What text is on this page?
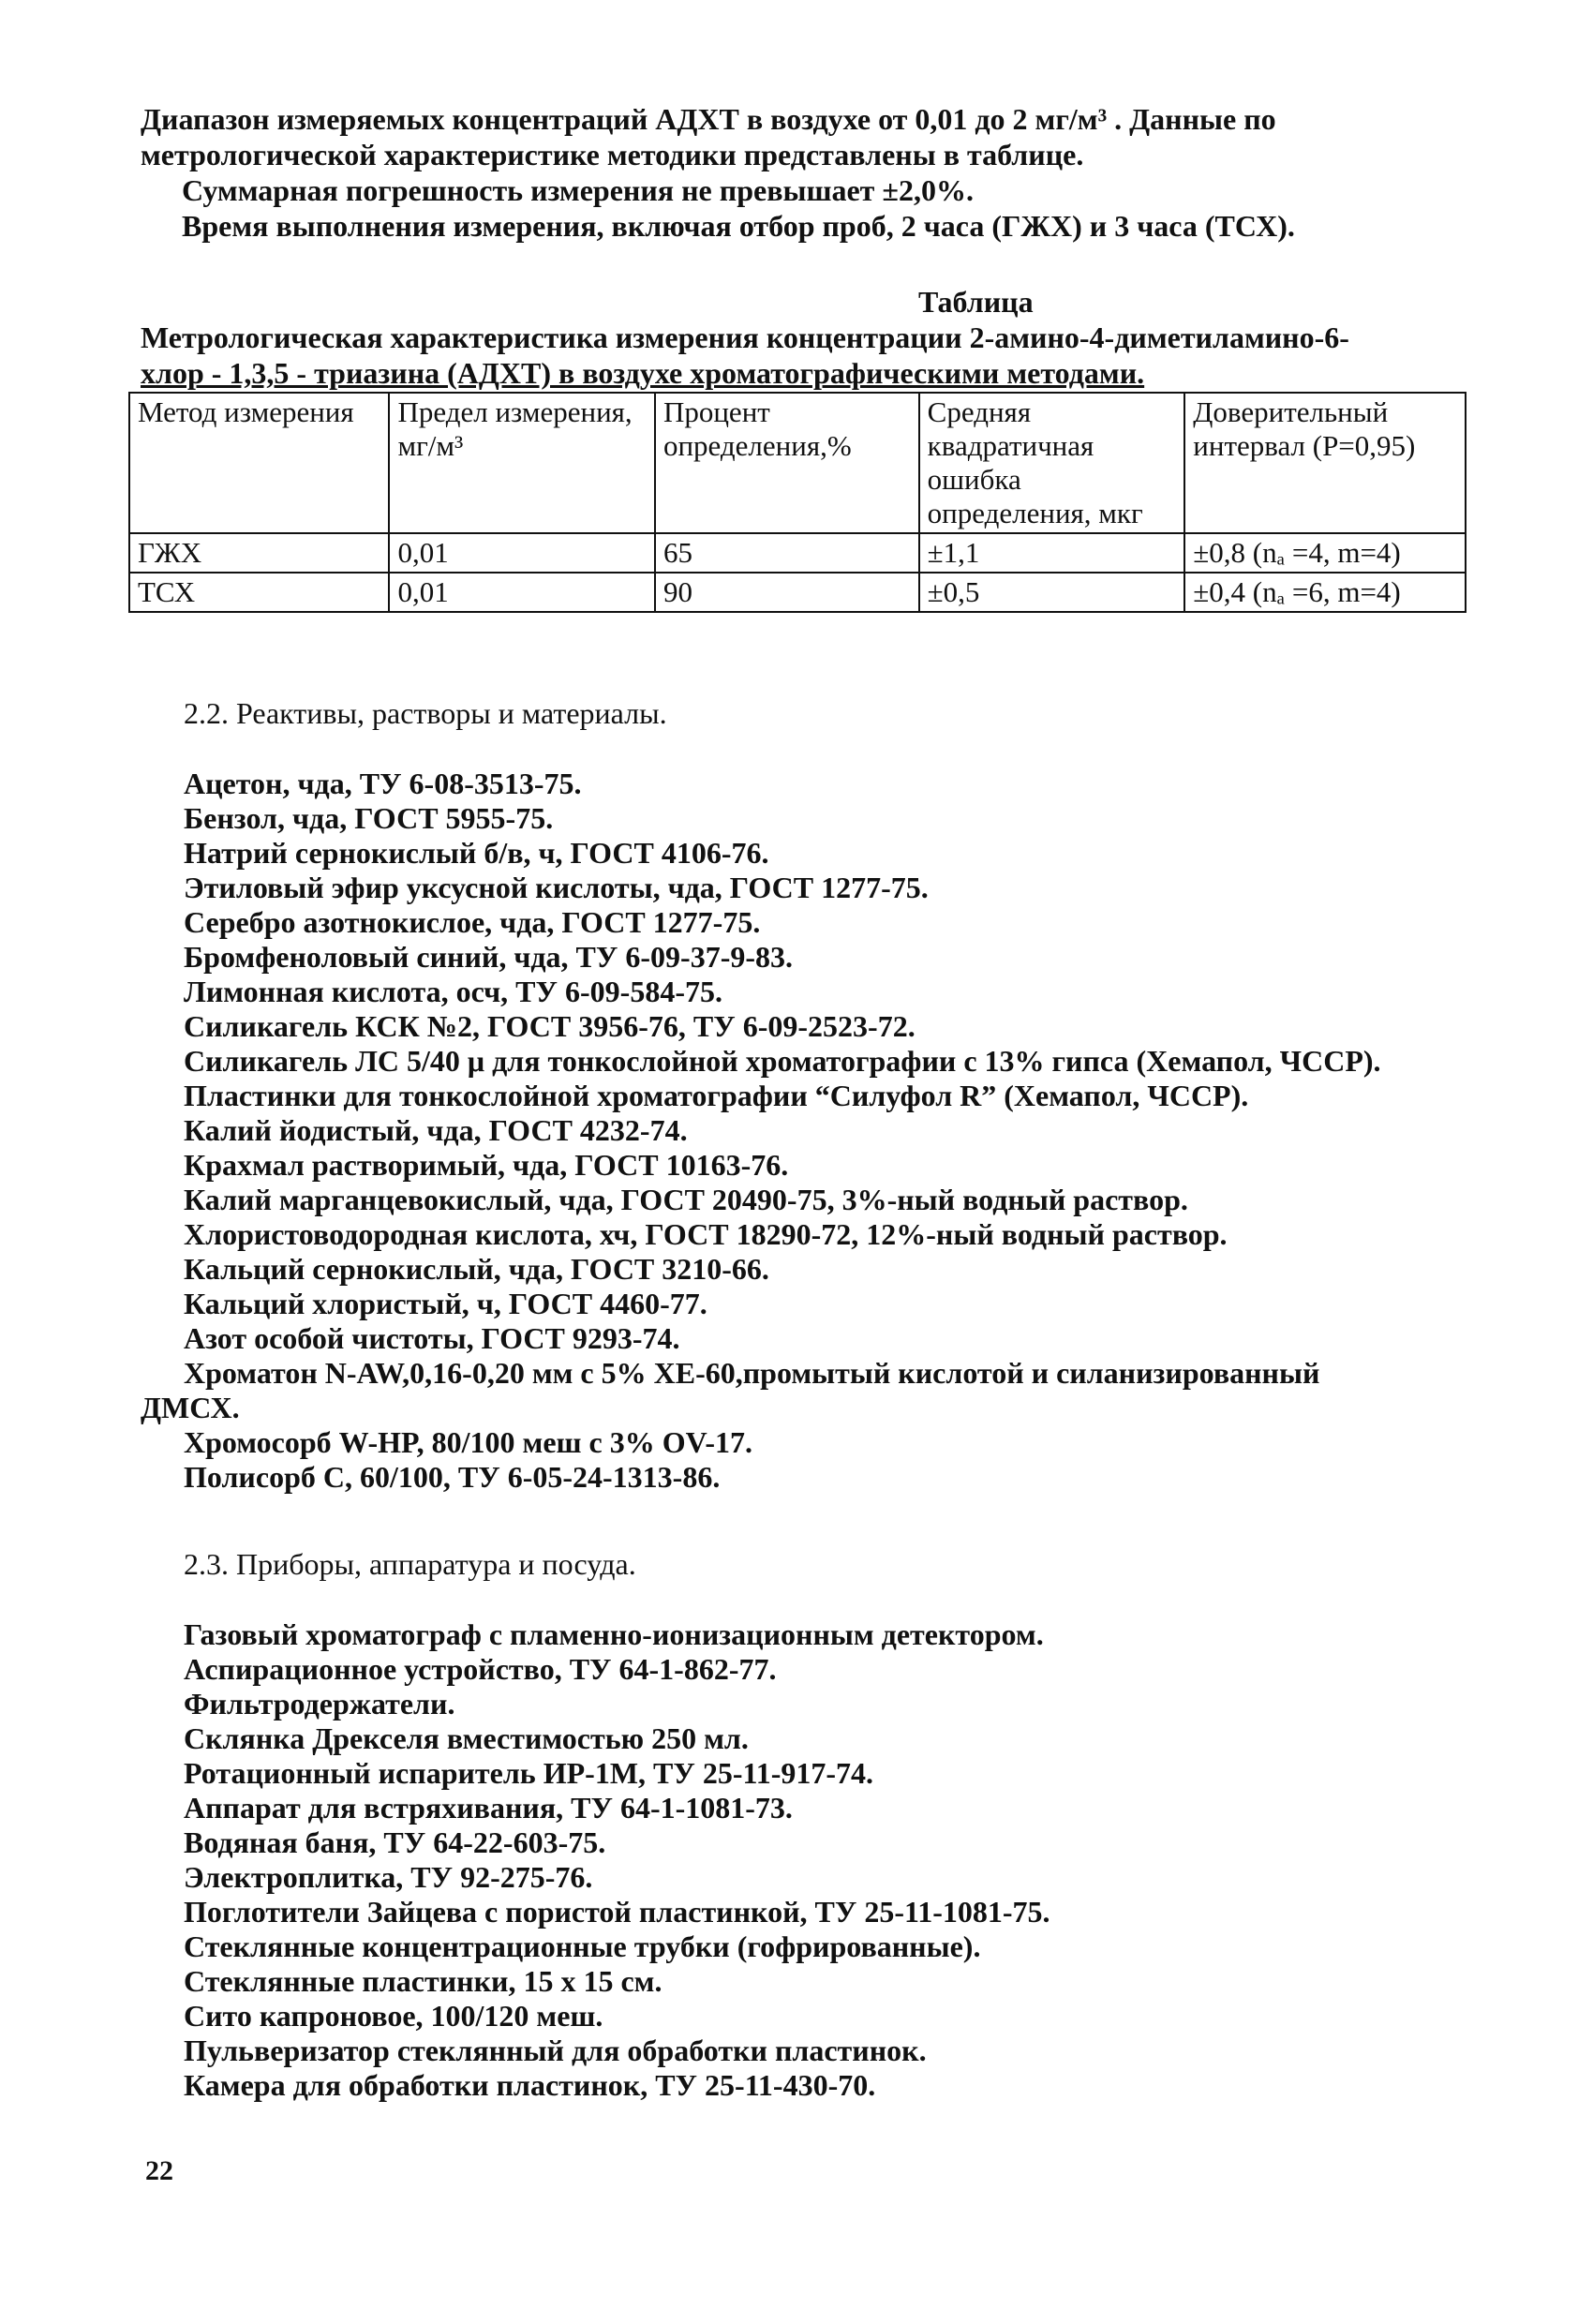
Диапазон измеряемых концентраций АДХТ в воздухе от 0,01 до 2 мг/м³ . Данные по
метрологической характеристике методики представлены в таблице.
Суммарная погрешность измерения не превышает ±2,0%.
Время выполнения измерения, включая отбор проб, 2 часа (ГЖХ) и 3 часа (ТСХ).
Таблица
Метрологическая характеристика измерения концентрации 2-амино-4-диметиламино-6-
хлор - 1,3,5 - триазина (АДХТ) в воздухе хроматографическими методами.
Метод измерения	Предел измерения, мг/м³	Процент определения,%	Средняя квадратичная ошибка определения, мкг	Доверительный интервал (Р=0,95)
ГЖХ	0,01	65	±1,1	±0,8 (nₐ =4, m=4)
ТСХ	0,01	90	±0,5	±0,4 (nₐ =6, m=4)
2.2. Реактивы, растворы и материалы.
Ацетон, чда, ТУ 6-08-3513-75.
Бензол, чда, ГОСТ 5955-75.
Натрий сернокислый б/в, ч, ГОСТ 4106-76.
Этиловый эфир уксусной кислоты, чда, ГОСТ 1277-75.
Серебро азотнокислое, чда, ГОСТ 1277-75.
Бромфеноловый синий, чда, ТУ 6-09-37-9-83.
Лимонная кислота, осч, ТУ 6-09-584-75.
Силикагель КСК №2, ГОСТ 3956-76, ТУ 6-09-2523-72.
Силикагель ЛС 5/40 μ для тонкослойной хроматографии с 13% гипса (Хемапол, ЧССР).
Пластинки для тонкослойной хроматографии “Силуфол R” (Хемапол, ЧССР).
Калий йодистый, чда, ГОСТ 4232-74.
Крахмал растворимый, чда, ГОСТ 10163-76.
Калий марганцевокислый, чда, ГОСТ 20490-75, 3%-ный водный раствор.
Хлористоводородная кислота, хч, ГОСТ 18290-72, 12%-ный водный раствор.
Кальций сернокислый, чда, ГОСТ 3210-66.
Кальций хлористый, ч, ГОСТ 4460-77.
Азот особой чистоты, ГОСТ 9293-74.
Хроматон N-AW,0,16-0,20 мм с 5% ХЕ-60,промытый кислотой и силанизированный
ДМСХ.
Хромосорб W-HP, 80/100 меш с 3% OV-17.
Полисорб С, 60/100, ТУ 6-05-24-1313-86.
2.3. Приборы, аппаратура и посуда.
Газовый хроматограф с пламенно-ионизационным детектором.
Аспирационное устройство, ТУ 64-1-862-77.
Фильтродержатели.
Склянка Дрекселя вместимостью 250 мл.
Ротационный испаритель ИР-1М, ТУ 25-11-917-74.
Аппарат для встряхивания, ТУ 64-1-1081-73.
Водяная баня, ТУ 64-22-603-75.
Электроплитка, ТУ 92-275-76.
Поглотители Зайцева с пористой пластинкой, ТУ 25-11-1081-75.
Стеклянные концентрационные трубки (гофрированные).
Стеклянные пластинки, 15 х 15 см.
Сито капроновое, 100/120 меш.
Пульверизатор стеклянный для обработки пластинок.
Камера для обработки пластинок, ТУ 25-11-430-70.
22
